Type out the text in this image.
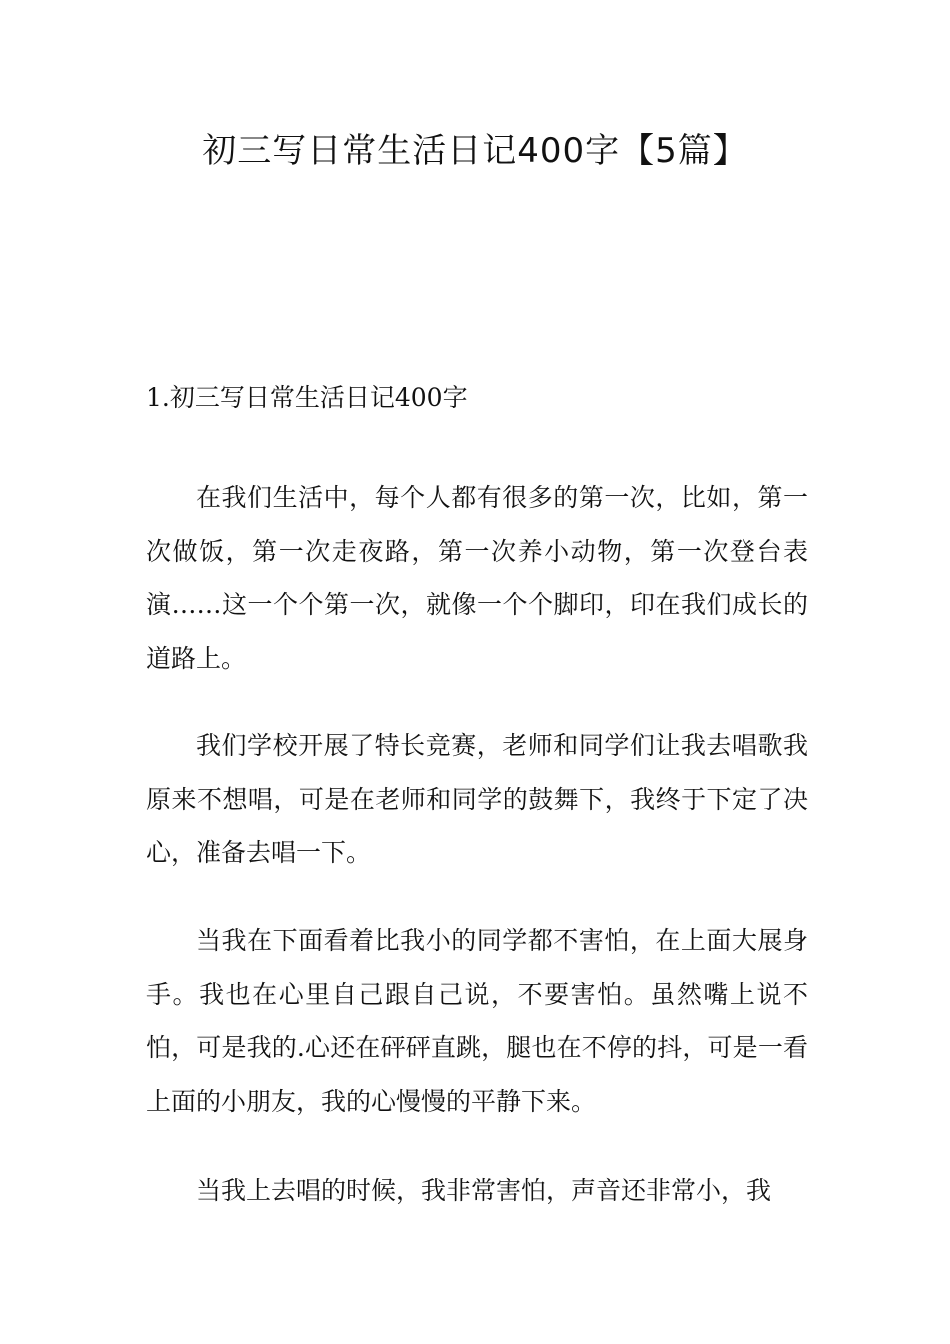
初三写日常生活日记400字【5篇】
1.初三写日常生活日记400字

在我们生活中，每个人都有很多的第一次，比如，第一次做饭，第一次走夜路，第一次养小动物，第一次登台表演……这一个个第一次，就像一个个脚印，印在我们成长的道路上。

我们学校开展了特长竞赛，老师和同学们让我去唱歌我原来不想唱，可是在老师和同学的鼓舞下，我终于下定了决心，准备去唱一下。

当我在下面看着比我小的同学都不害怕，在上面大展身手。我也在心里自己跟自己说，不要害怕。虽然嘴上说不怕，可是我的.心还在砰砰直跳，腿也在不停的抖，可是一看上面的小朋友，我的心慢慢的平静下来。

当我上去唱的时候，我非常害怕，声音还非常小，我
